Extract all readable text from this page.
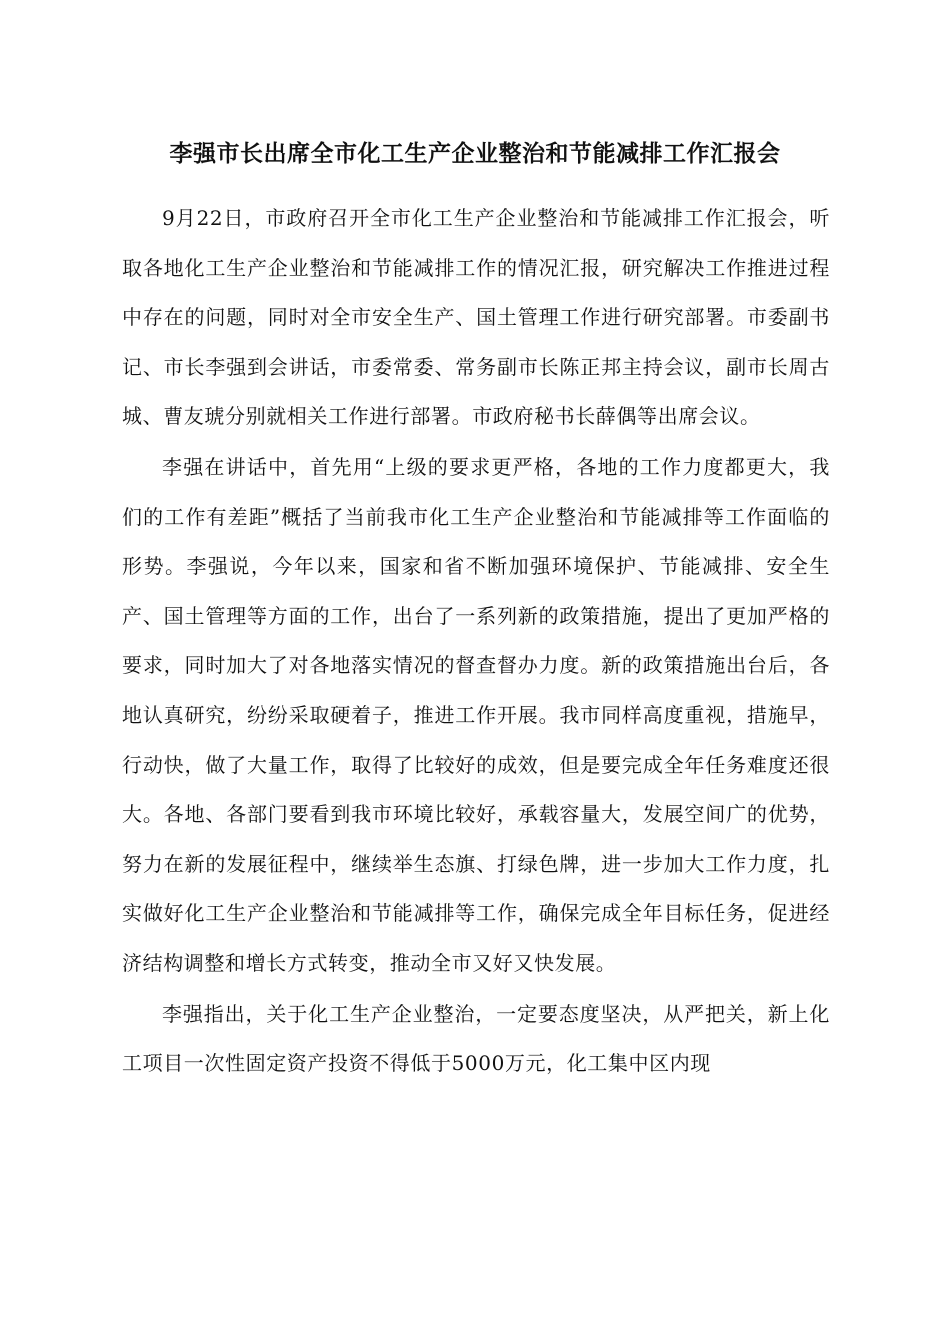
李强市长出席全市化工生产企业整治和节能减排工作汇报会

9月22日，市政府召开全市化工生产企业整治和节能减排工作汇报会，听取各地化工生产企业整治和节能减排工作的情况汇报，研究解决工作推进过程中存在的问题，同时对全市安全生产、国土管理工作进行研究部署。市委副书记、市长李强到会讲话，市委常委、常务副市长陈正邦主持会议，副市长周古城、曹友琥分别就相关工作进行部署。市政府秘书长薛偶等出席会议。

李强在讲话中，首先用“上级的要求更严格，各地的工作力度都更大，我们的工作有差距”概括了当前我市化工生产企业整治和节能减排等工作面临的形势。李强说，今年以来，国家和省不断加强环境保护、节能减排、安全生产、国土管理等方面的工作，出台了一系列新的政策措施，提出了更加严格的要求，同时加大了对各地落实情况的督查督办力度。新的政策措施出台后，各地认真研究，纷纷采取硬着子，推进工作开展。我市同样高度重视，措施早，行动快，做了大量工作，取得了比较好的成效，但是要完成全年任务难度还很大。各地、各部门要看到我市环境比较好，承载容量大，发展空间广的优势，努力在新的发展征程中，继续举生态旗、打绿色牌，进一步加大工作力度，扎实做好化工生产企业整治和节能减排等工作，确保完成全年目标任务，促进经济结构调整和增长方式转变，推动全市又好又快发展。

李强指出，关于化工生产企业整治，一定要态度坚决，从严把关，新上化工项目一次性固定资产投资不得低于5000万元，化工集中区内现
